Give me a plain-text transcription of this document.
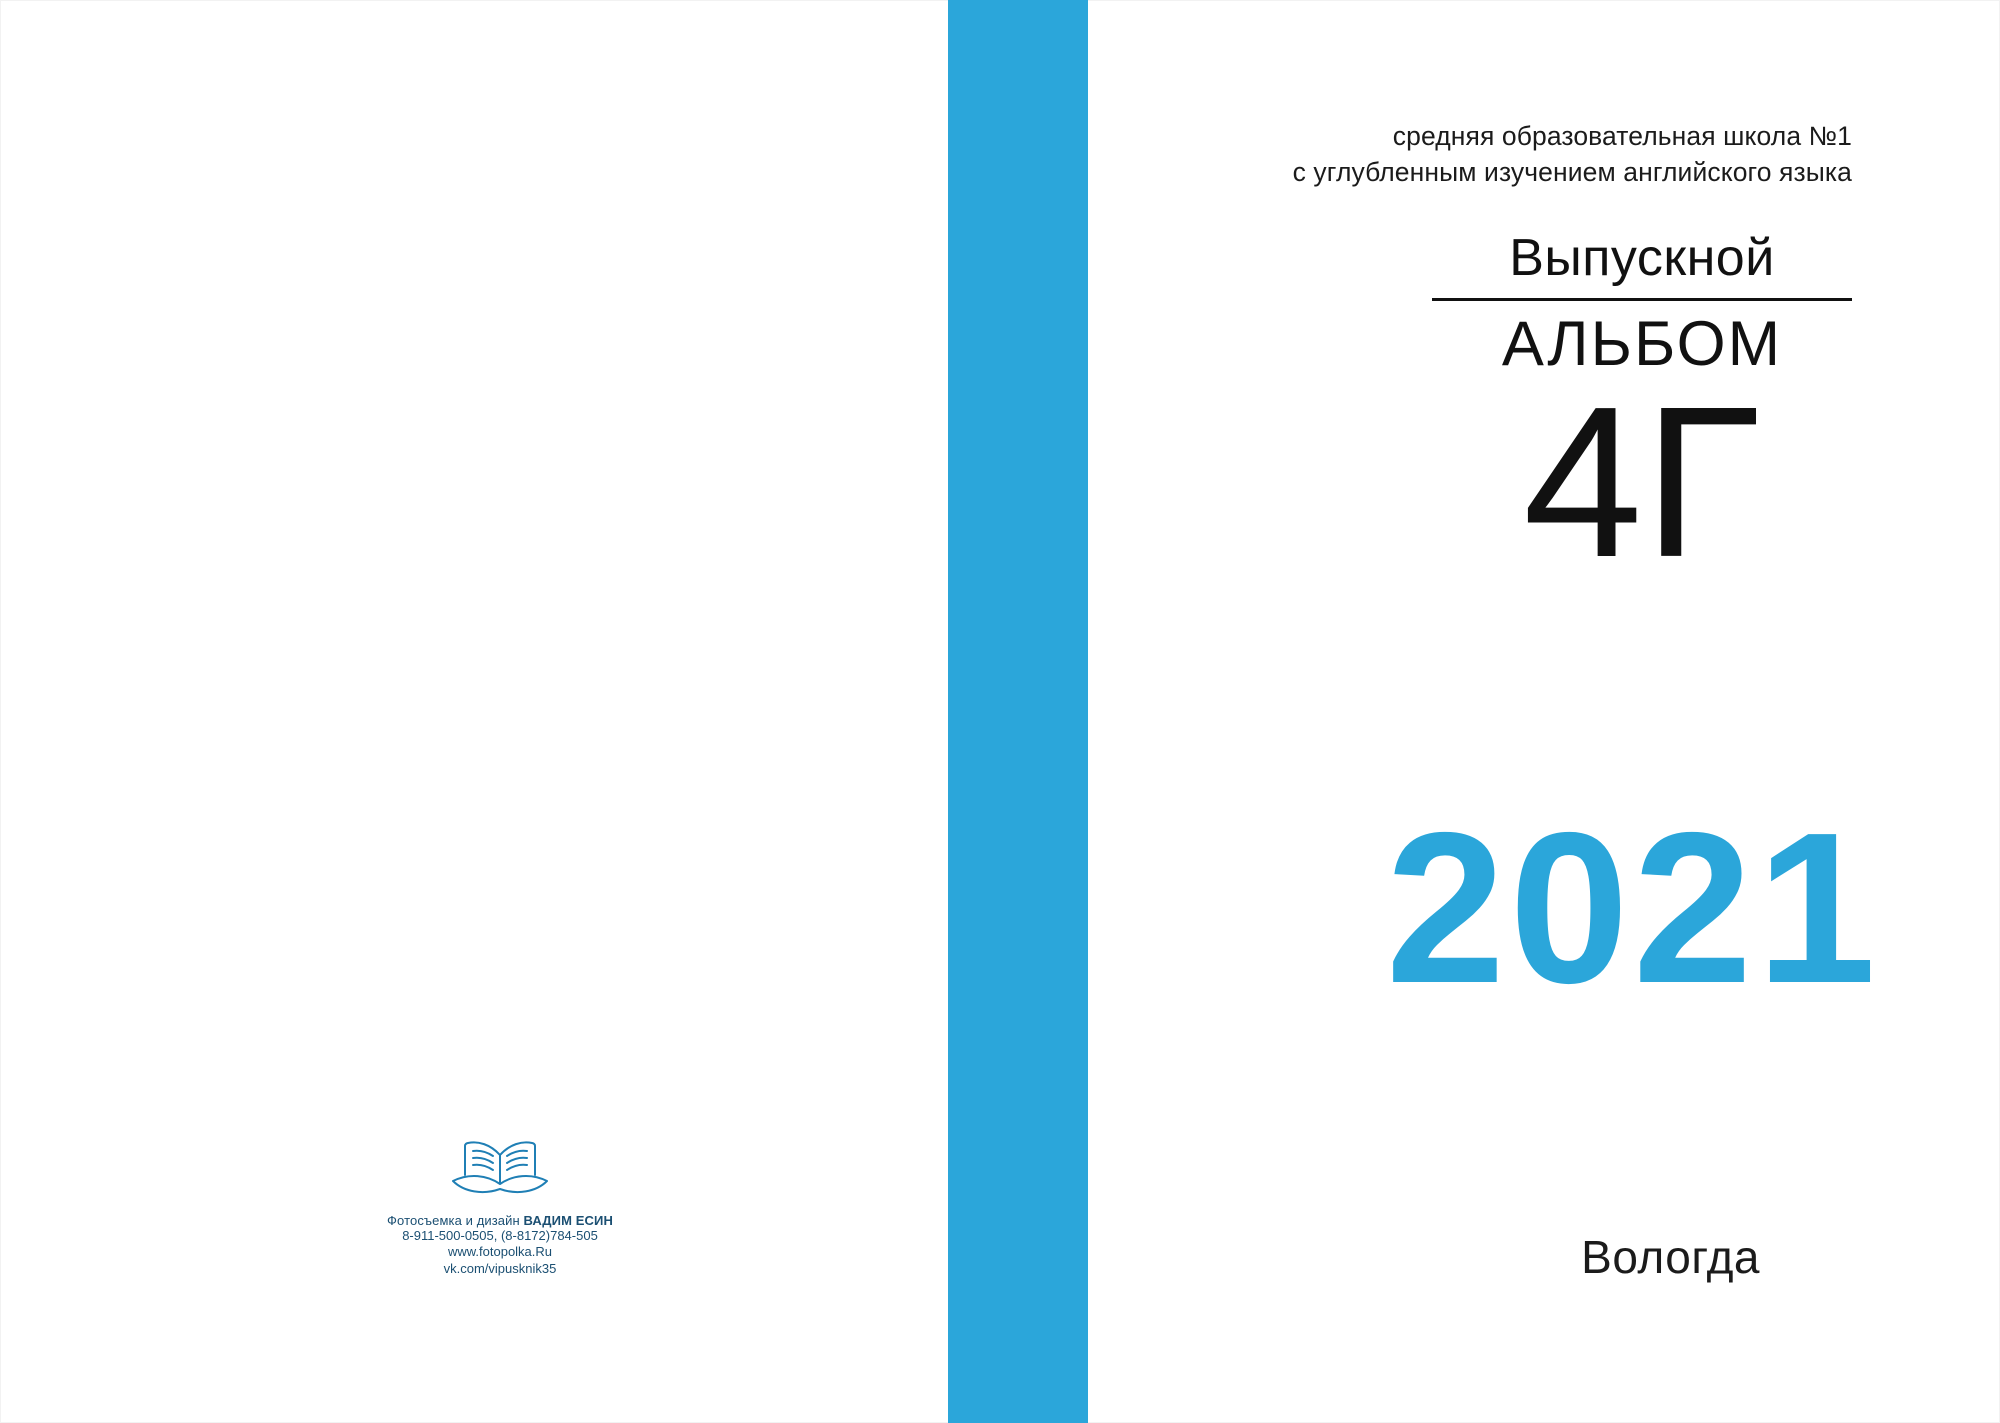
Фотосъемка и дизайн ВАДИМ ЕСИН
8-911-500-0505, (8-8172)784-505
www.fotopolka.Ru
vk.com/vipusknik35
средняя образовательная школа №1
с углубленным изучением английского языка
Выпускной
АЛЬБОМ
4Г
2021
Вологда
